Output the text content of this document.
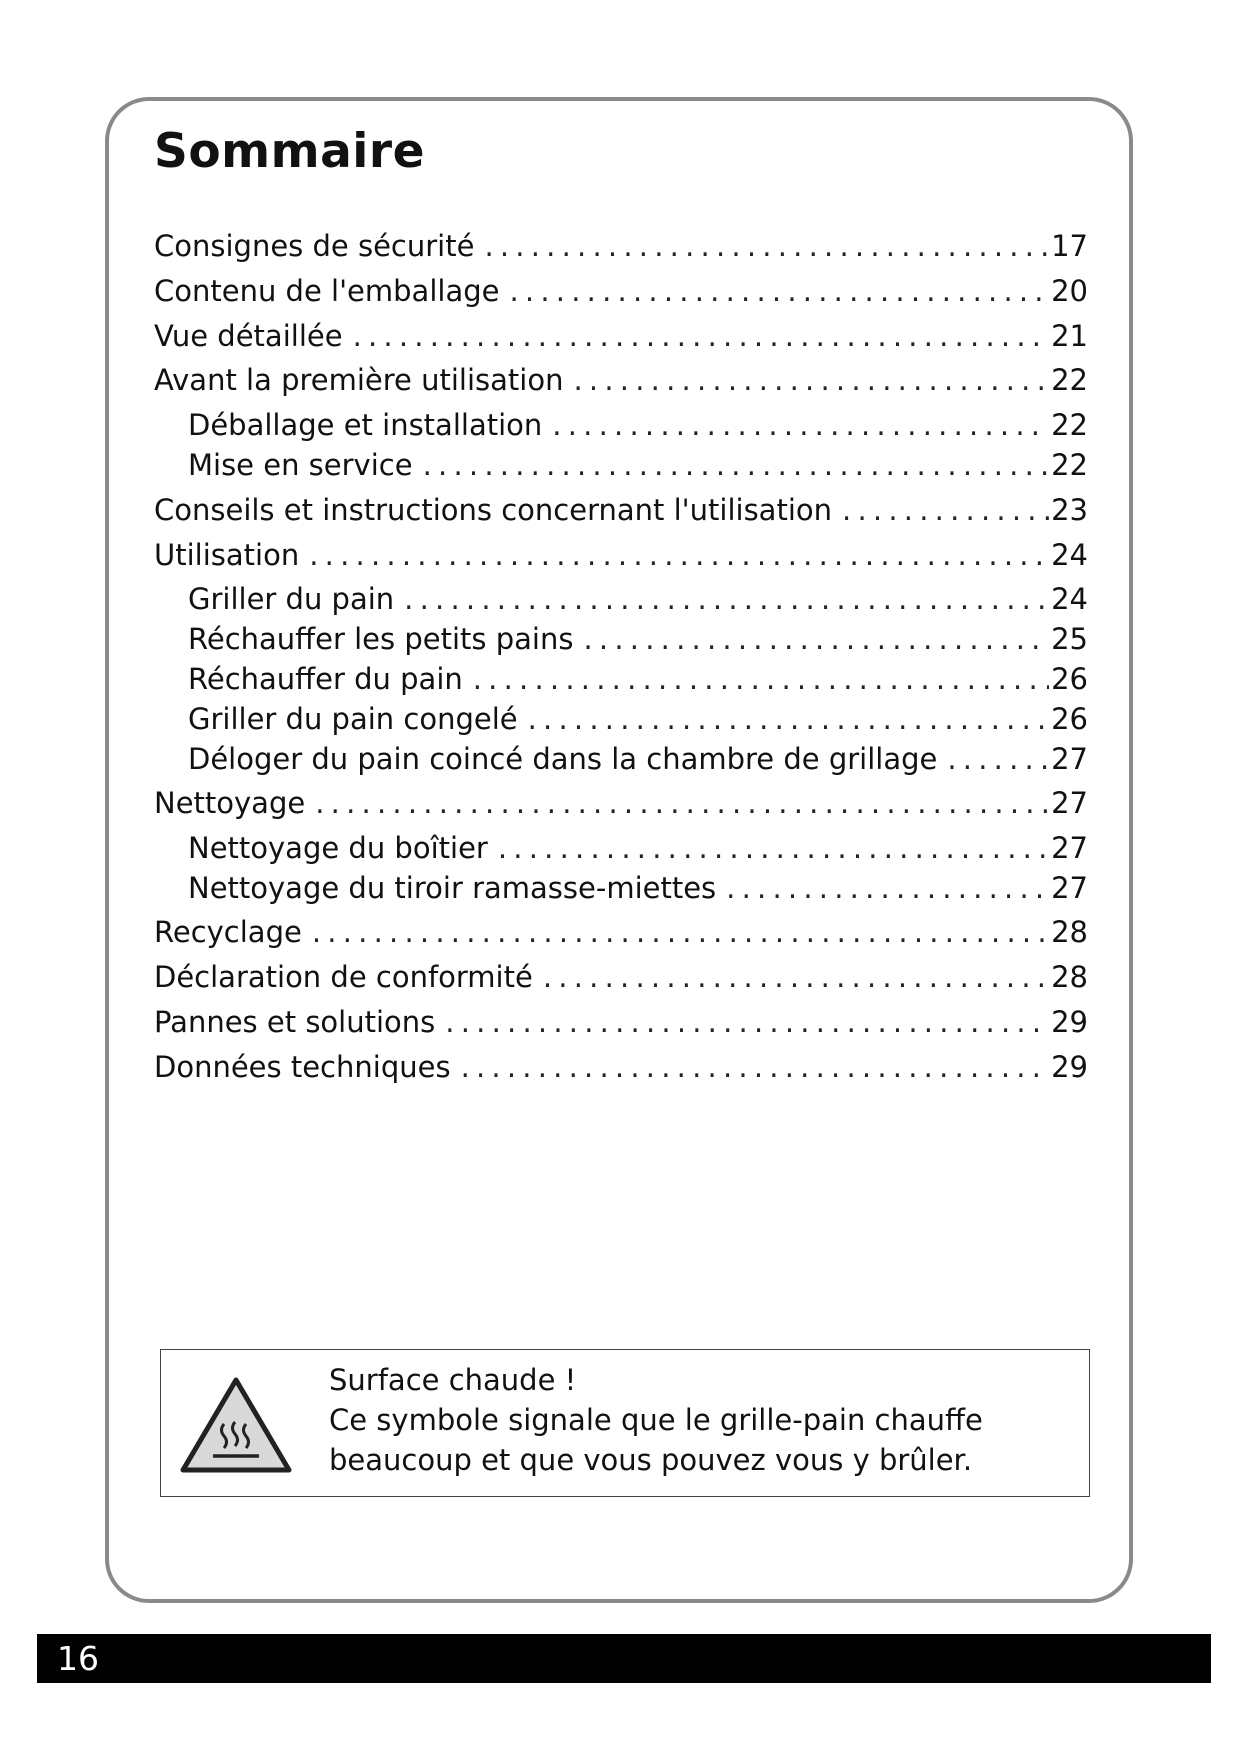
Sommaire
Consignes de sécurité . . .	17
Contenu de l'emballage . . .	20
Vue détaillée . . .	21
Avant la première utilisation . . .	22
Déballage et installation . . .	22
Mise en service . . .	22
Conseils et instructions concernant l'utilisation . . .	23
Utilisation . . .	24
Griller du pain . . .	24
Réchauffer les petits pains . . .	25
Réchauffer du pain . . .	26
Griller du pain congelé . . .	26
Déloger du pain coincé dans la chambre de grillage . . .	27
Nettoyage . . .	27
Nettoyage du boîtier . . .	27
Nettoyage du tiroir ramasse-miettes . . .	27
Recyclage . . .	28
Déclaration de conformité . . .	28
Pannes et solutions . . .	29
Données techniques . . .	29

Surface chaude !

Ce symbole signale que le grille-pain chauffe

beaucoup et que vous pouvez vous y brûler.

16
